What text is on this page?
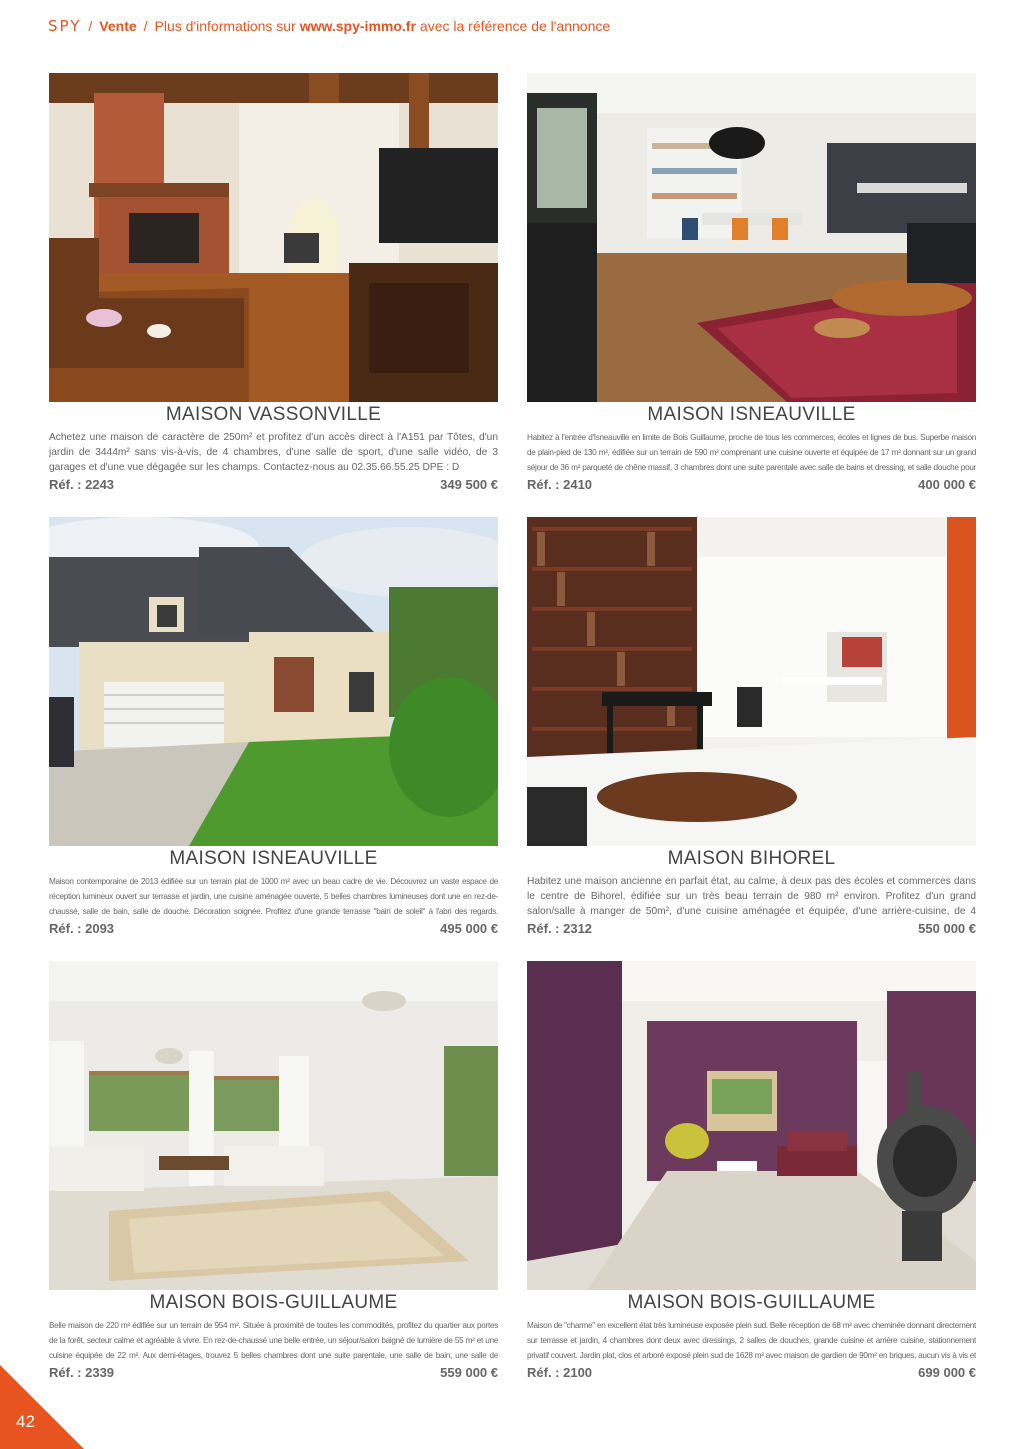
SPY / Vente / Plus d'informations sur www.spy-immo.fr avec la référence de l'annonce
MAISON VASSONVILLE
Achetez une maison de caractère de 250m² et profitez d'un accès direct à l'A151 par Tôtes, d'un jardin de 3444m² sans vis-à-vis, de 4 chambres, d'une salle de sport, d'une salle vidéo, de 3 garages et d'une vue dégagée sur les champs. Contactez-nous au 02.35.66.55.25 DPE : D
Réf. : 2243	349 500 €
MAISON ISNEAUVILLE
Habitez à l'entrée d'Isneauville en limite de Bois Guillaume, proche de tous les commerces, écoles et lignes de bus. Superbe maison de plain-pied de 130 m², édifiée sur un terrain de 590 m² comprenant une cuisine ouverte et équipée de 17 m² donnant sur un grand séjour de 36 m² parqueté de chêne massif, 3 chambres dont une suite parentale avec salle de bains et dressing, et salle douche pour
Réf. : 2410	400 000 €
MAISON ISNEAUVILLE
Maison contemporaine de 2013 édifiée sur un terrain plat de 1000 m² avec un beau cadre de vie. Découvrez un vaste espace de réception lumineux ouvert sur terrasse et jardin, une cuisine aménagée ouverte, 5 belles chambres lumineuses dont une en rez-de-chaussé, salle de bain, salle de douche. Décoration soignée. Profitez d'une grande terrasse "bain de soleil" à l'abri des regards.
Réf. : 2093	495 000 €
MAISON BIHOREL
Habitez une maison ancienne en parfait état, au calme, à deux pas des écoles et commerces dans le centre de Bihorel, édifiée sur un très beau terrain de 980 m² environ. Profitez d'un grand salon/salle à manger de 50m², d'une cuisine aménagée et équipée, d'une arrière-cuisine, de 4
Réf. : 2312	550 000 €
MAISON BOIS-GUILLAUME
Belle maison de 220 m² édifiée sur un terrain de 954 m². Située à proximité de toutes les commodités, profitez du quartier aux portes de la forêt, secteur calme et agréable à vivre. En rez-de-chaussé une belle entrée, un séjour/salon baigné de lumière de 55 m² et une cuisine équipée de 22 m². Aux demi-étages, trouvez 5 belles chambres dont une suite parentale, une salle de bain, une salle de
Réf. : 2339	559 000 €
MAISON BOIS-GUILLAUME
Maison de "charme" en excellent état très lumineuse exposée plein sud. Belle réception de 68 m² avec cheminée donnant directement sur terrasse et jardin, 4 chambres dont deux avec dressings, 2 salles de douches, grande cuisine et arrière cuisine, stationnement privatif couvert. Jardin plat, clos et arboré exposé plein sud de 1628 m² avec maison de gardien de 90m² en briques, aucun vis à vis et
Réf. : 2100	699 000 €
42
